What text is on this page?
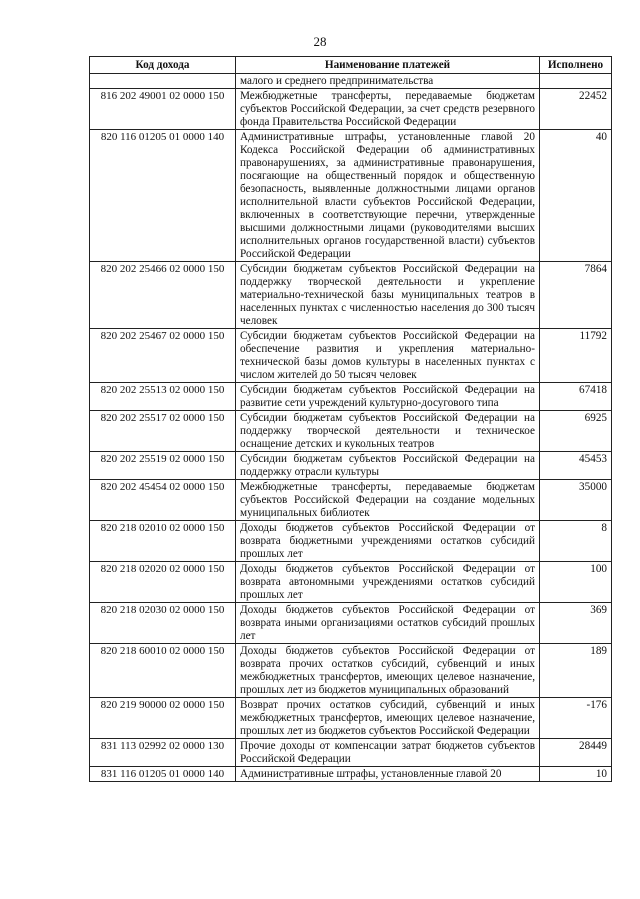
28
Код дохода	Наименование платежей	Исполнено
	малого и среднего предпринимательства	
816 202 49001 02 0000 150	Межбюджетные трансферты, передаваемые бюджетам субъектов Российской Федерации, за счет средств резервного фонда Правительства Российской Федерации	22452
820 116 01205 01 0000 140	Административные штрафы, установленные главой 20 Кодекса Российской Федерации об административных правонарушениях, за административные правонарушения, посягающие на общественный порядок и общественную безопасность, выявленные должностными лицами органов исполнительной власти субъектов Российской Федерации, включенных в соответствующие перечни, утвержденные высшими должностными лицами (руководителями высших исполнительных органов государственной власти) субъектов Российской Федерации	40
820 202 25466 02 0000 150	Субсидии бюджетам субъектов Российской Федерации на поддержку творческой деятельности и укрепление материально-технической базы муниципальных театров в населенных пунктах с численностью населения до 300 тысяч человек	7864
820 202 25467 02 0000 150	Субсидии бюджетам субъектов Российской Федерации на обеспечение развития и укрепления материально-технической базы домов культуры в населенных пунктах с числом жителей до 50 тысяч человек	11792
820 202 25513 02 0000 150	Субсидии бюджетам субъектов Российской Федерации на развитие сети учреждений культурно-досугового типа	67418
820 202 25517 02 0000 150	Субсидии бюджетам субъектов Российской Федерации на поддержку творческой деятельности и техническое оснащение детских и кукольных театров	6925
820 202 25519 02 0000 150	Субсидии бюджетам субъектов Российской Федерации на поддержку отрасли культуры	45453
820 202 45454 02 0000 150	Межбюджетные трансферты, передаваемые бюджетам субъектов Российской Федерации на создание модельных муниципальных библиотек	35000
820 218 02010 02 0000 150	Доходы бюджетов субъектов Российской Федерации от возврата бюджетными учреждениями остатков субсидий прошлых лет	8
820 218 02020 02 0000 150	Доходы бюджетов субъектов Российской Федерации от возврата автономными учреждениями остатков субсидий прошлых лет	100
820 218 02030 02 0000 150	Доходы бюджетов субъектов Российской Федерации от возврата иными организациями остатков субсидий прошлых лет	369
820 218 60010 02 0000 150	Доходы бюджетов субъектов Российской Федерации от возврата прочих остатков субсидий, субвенций и иных межбюджетных трансфертов, имеющих целевое назначение, прошлых лет из бюджетов муниципальных образований	189
820 219 90000 02 0000 150	Возврат прочих остатков субсидий, субвенций и иных межбюджетных трансфертов, имеющих целевое назначение, прошлых лет из бюджетов субъектов Российской Федерации	-176
831 113 02992 02 0000 130	Прочие доходы от компенсации затрат бюджетов субъектов Российской Федерации	28449
831 116 01205 01 0000 140	Административные штрафы, установленные главой 20	10
